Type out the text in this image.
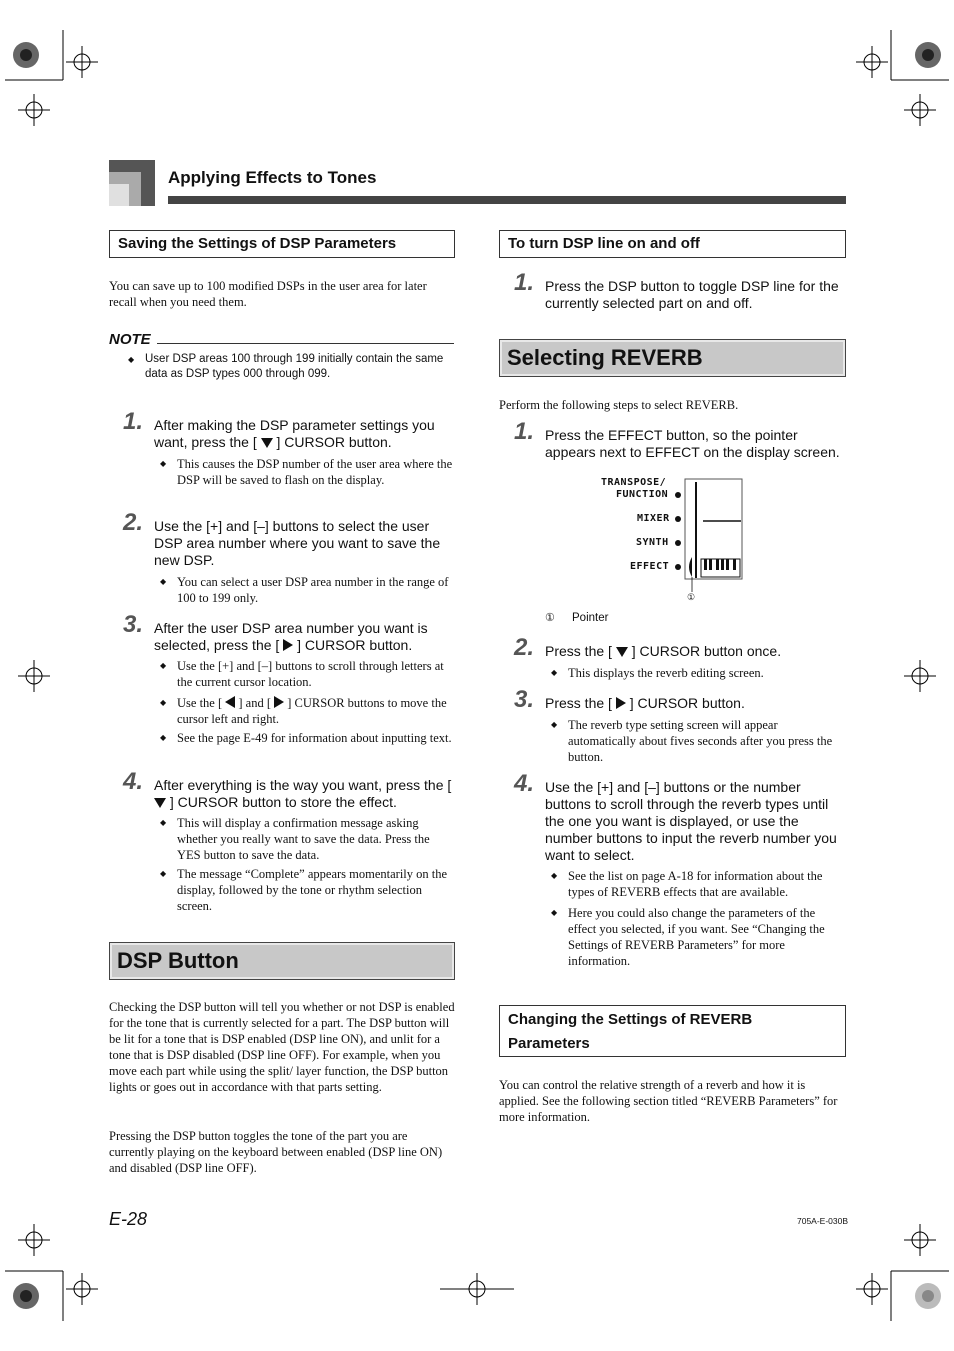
Applying Effects to Tones
Saving the Settings of DSP Parameters
You can save up to 100 modified DSPs in the user area for later recall when you need them.
NOTE
◆ User DSP areas 100 through 199 initially contain the same data as DSP types 000 through 099.
1. After making the DSP parameter settings you want, press the [ ] CURSOR button.
◆ This causes the DSP number of the user area where the DSP will be saved to flash on the display.
2. Use the [+] and [–] buttons to select the user DSP area number where you want to save the new DSP.
◆ You can select a user DSP area number in the range of 100 to 199 only.
3. After the user DSP area number you want is selected, press the [ ] CURSOR button.
◆ Use the [+] and [–] buttons to scroll through letters at the current cursor location.
◆ Use the [ ] and [ ] CURSOR buttons to move the cursor left and right.
◆ See the page E-49 for information about inputting text.
4. After everything is the way you want, press the [  ] CURSOR button to store the effect.
◆ This will display a confirmation message asking whether you really want to save the data. Press the YES button to save the data.
◆ The message “Complete” appears momentarily on the display, followed by the tone or rhythm selection screen.
DSP Button
Checking the DSP button will tell you whether or not DSP is enabled for the tone that is currently selected for a part. The DSP button will be lit for a tone that is DSP enabled (DSP line ON), and unlit for a tone that is DSP disabled (DSP line OFF). For example, when you move each part while using the split/ layer function, the DSP button lights or goes out in accordance with that parts setting.
Pressing the DSP button toggles the tone of the part you are currently playing on the keyboard between enabled (DSP line ON) and disabled (DSP line OFF).
To turn DSP line on and off
1. Press the DSP button to toggle DSP line for the currently selected part on and off.
Selecting REVERB
Perform the following steps to select REVERB.
1. Press the EFFECT button, so the pointer appears next to EFFECT on the display screen.
TRANSPOSE/
FUNCTION
MIXER
SYNTH
EFFECT
①
① Pointer
2. Press the [ ] CURSOR button once.
◆ This displays the reverb editing screen.
3. Press the [ ] CURSOR button.
◆ The reverb type setting screen will appear automatically about fives seconds after you press the button.
4. Use the [+] and [–] buttons or the number buttons to scroll through the reverb types until the one you want is displayed, or use the number buttons to input the reverb number you want to select.
◆ See the list on page A-18 for information about the types of REVERB effects that are available.
◆ Here you could also change the parameters of the effect you selected, if you want. See “Changing the Settings of REVERB Parameters” for more information.
Changing the Settings of REVERB
Parameters
You can control the relative strength of a reverb and how it is applied. See the following section titled “REVERB Parameters” for more information.
E-28	705A-E-030B
